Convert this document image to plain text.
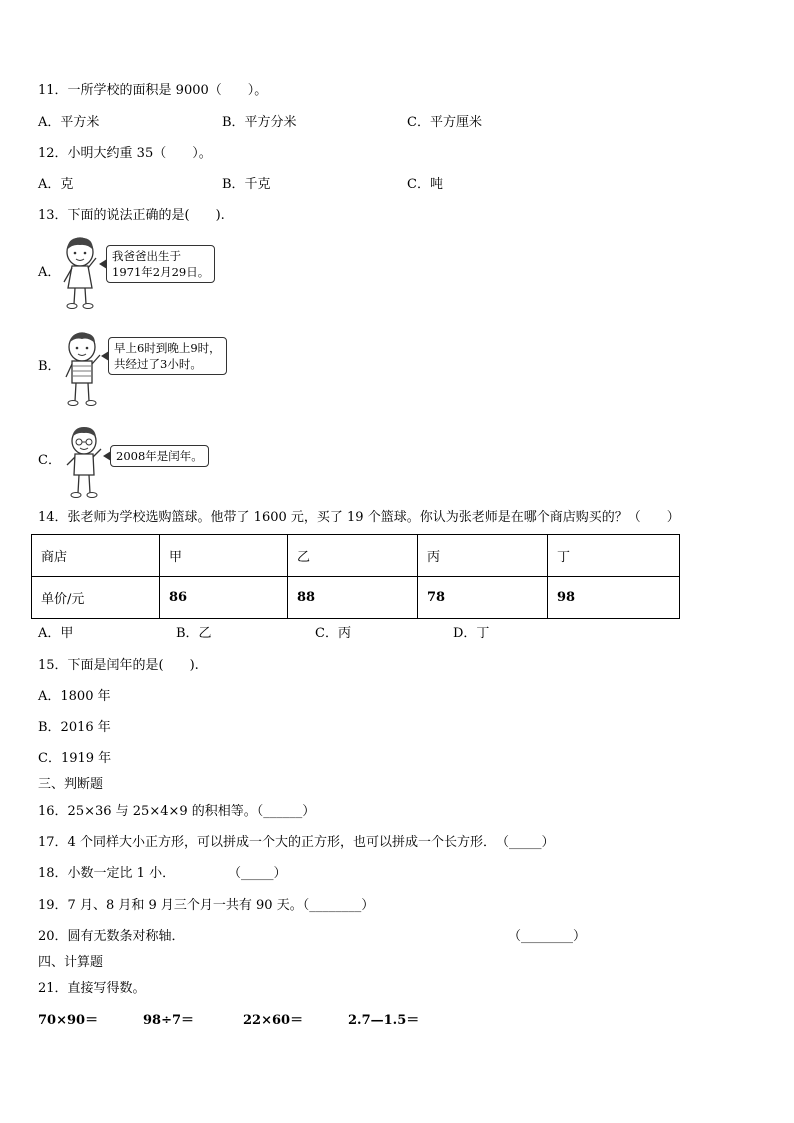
11．一所学校的面积是 9000（　　）。
A．平方米	B．平方分米	C．平方厘米
12．小明大约重 35（　　）。
A．克	B．千克	C．吨
13．下面的说法正确的是(　　).
A．
我爸爸出生于
1971年2月29日。
B．
早上6时到晚上9时，
共经过了3小时。
C．	2008年是闰年。
14．张老师为学校选购篮球。他带了 1600 元，买了 19 个篮球。你认为张老师是在哪个商店购买的？（　　）
商店	甲	乙	丙	丁
单价/元	86	88	78	98
A．甲	B．乙	C．丙	D．丁
15．下面是闰年的是(　　).
A．1800 年
B．2016 年
C．1919 年
三、判断题
16．25×36 与 25×4×9 的积相等。（______）
17．4 个同样大小正方形，可以拼成一个大的正方形，也可以拼成一个长方形．　（_____）
18．小数一定比 1 小．	（_____）
19．7 月、8 月和 9 月三个月一共有 90 天。（________）
20．圆有无数条对称轴．	（________）
四、计算题
21．直接写得数。
70×90＝	98÷7＝	22×60＝	2.7—1.5＝
